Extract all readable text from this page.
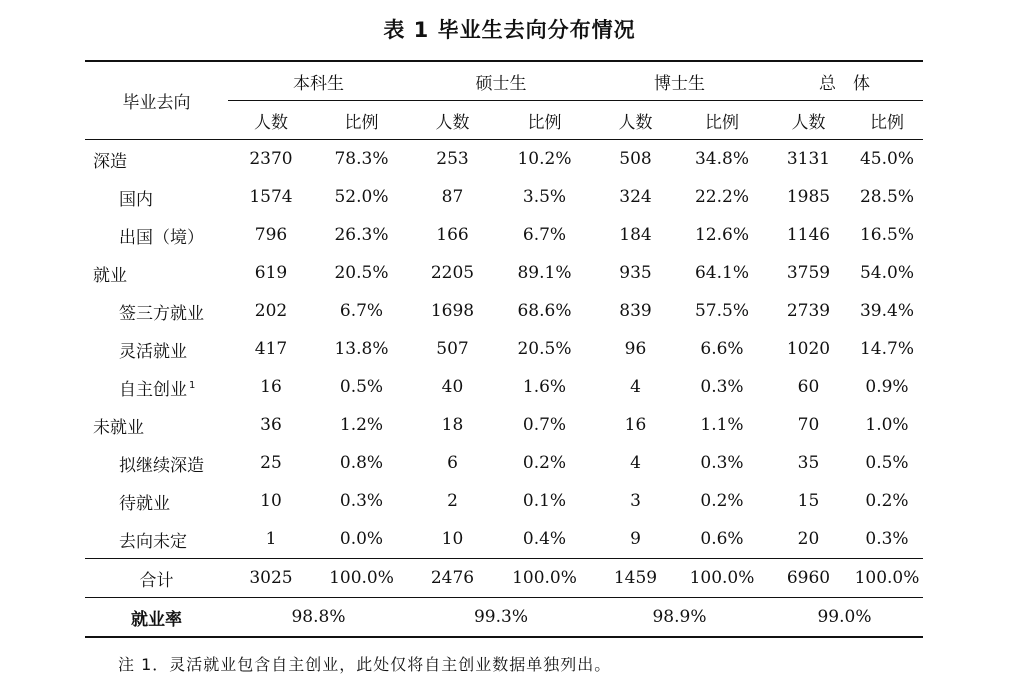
表 1 毕业生去向分布情况
毕业去向	本科生		硕士生		博士生		总　体	
	人数	比例	人数	比例	人数	比例	人数	比例
深造	2370	78.3%	253	10.2%	508	34.8%	3131	45.0%
国内	1574	52.0%	87	3.5%	324	22.2%	1985	28.5%
出国（境）	796	26.3%	166	6.7%	184	12.6%	1146	16.5%
就业	619	20.5%	2205	89.1%	935	64.1%	3759	54.0%
签三方就业	202	6.7%	1698	68.6%	839	57.5%	2739	39.4%
灵活就业	417	13.8%	507	20.5%	96	6.6%	1020	14.7%
自主创业 $^1$	16	0.5%	40	1.6%	4	0.3%	60	0.9%
未就业	36	1.2%	18	0.7%	16	1.1%	70	1.0%
拟继续深造	25	0.8%	6	0.2%	4	0.3%	35	0.5%
待就业	10	0.3%	2	0.1%	3	0.2%	15	0.2%
去向未定	1	0.0%	10	0.4%	9	0.6%	20	0.3%
合计	3025	100.0%	2476	100.0%	1459	100.0%	6960	100.0%
就业率	98.8%		99.3%		98.9%		99.0%	
注 1．灵活就业包含自主创业，此处仅将自主创业数据单独列出。
